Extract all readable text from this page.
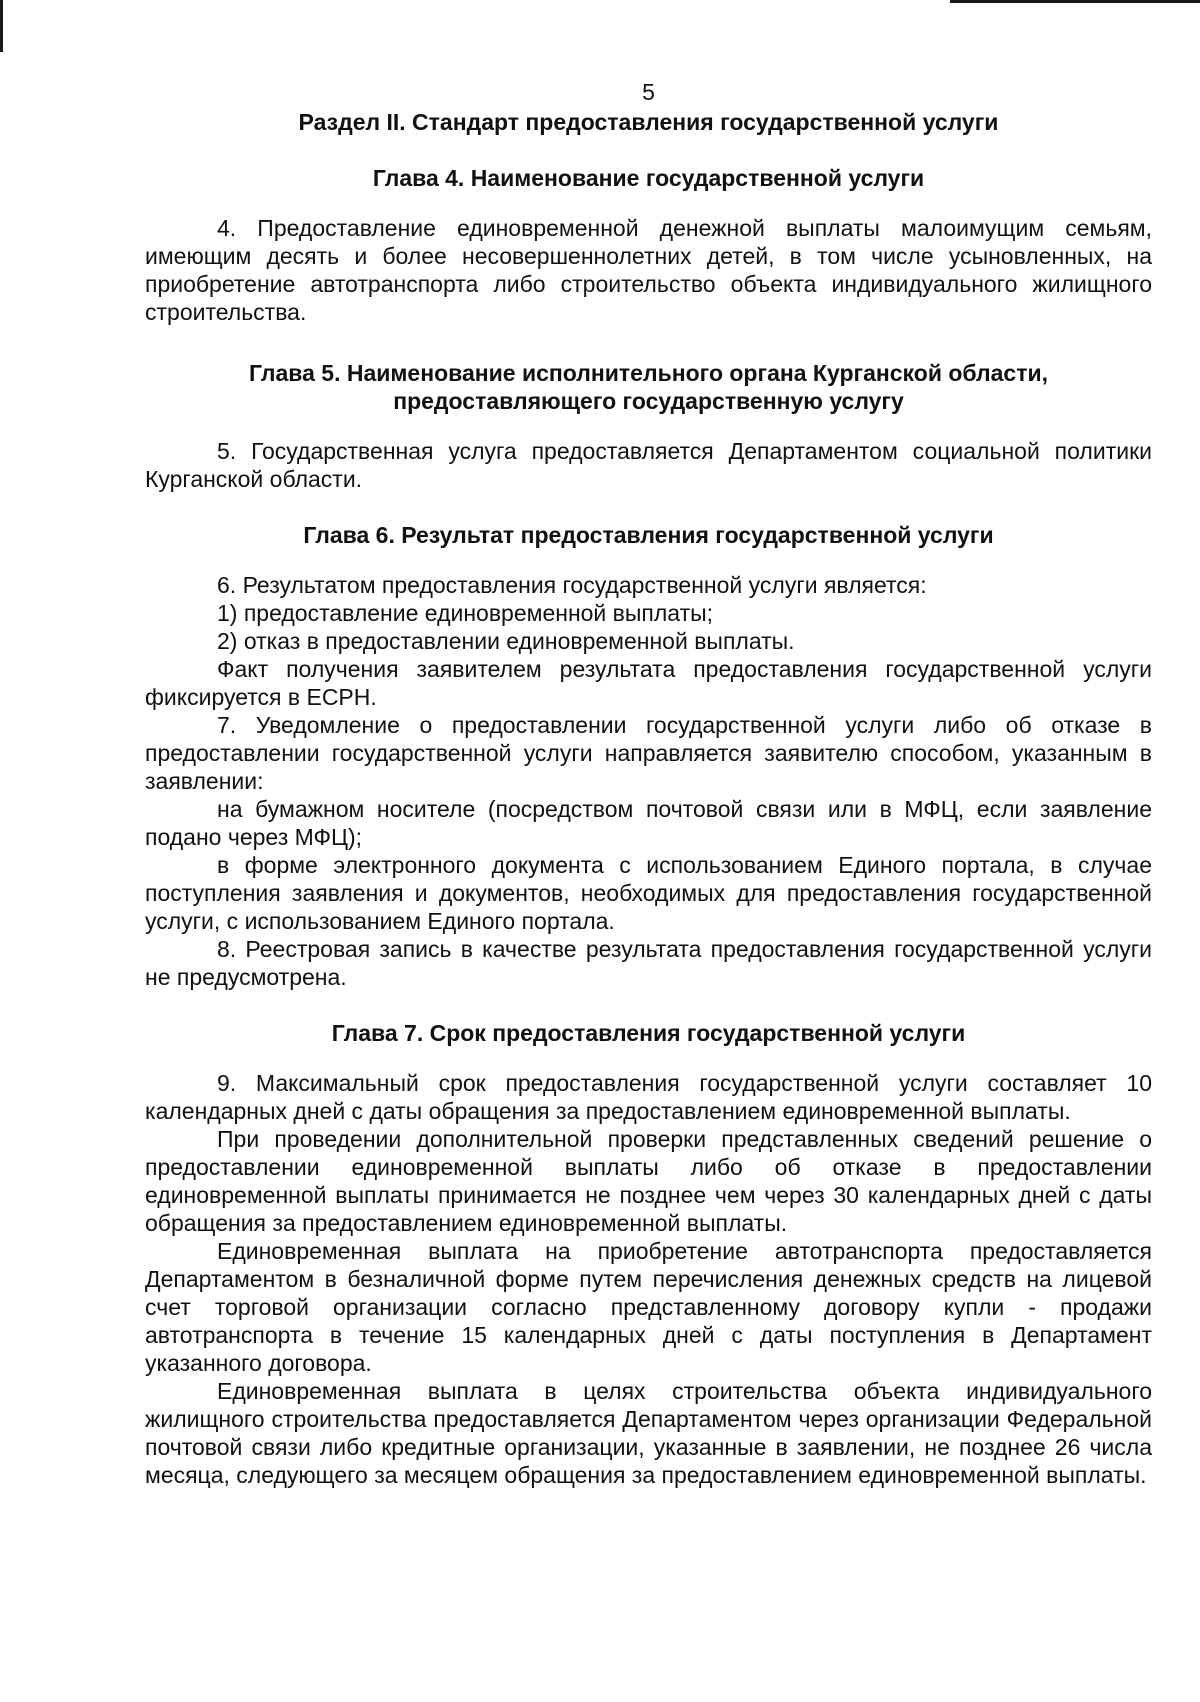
5

Раздел II. Стандарт предоставления государственной услуги
Глава 4. Наименование государственной услуги

4. Предоставление единовременной денежной выплаты малоимущим семьям, имеющим десять и более несовершеннолетних детей, в том числе усыновленных, на приобретение автотранспорта либо строительство объекта индивидуального жилищного строительства.

Глава 5. Наименование исполнительного органа Курганской области,
предоставляющего государственную услугу

5. Государственная услуга предоставляется Департаментом социальной политики Курганской области.

Глава 6. Результат предоставления государственной услуги

6. Результатом предоставления государственной услуги является:

1) предоставление единовременной выплаты;

2) отказ в предоставлении единовременной выплаты.

Факт получения заявителем результата предоставления государственной услуги фиксируется в ЕСРН.

7. Уведомление о предоставлении государственной услуги либо об отказе в предоставлении государственной услуги направляется заявителю способом, указанным в заявлении:

на бумажном носителе (посредством почтовой связи или в МФЦ, если заявление подано через МФЦ);

в форме электронного документа с использованием Единого портала, в случае поступления заявления и документов, необходимых для предоставления государственной услуги, с использованием Единого портала.

8. Реестровая запись в качестве результата предоставления государственной услуги не предусмотрена.

Глава 7. Срок предоставления государственной услуги

9. Максимальный срок предоставления государственной услуги составляет 10 календарных дней с даты обращения за предоставлением единовременной выплаты.

При проведении дополнительной проверки представленных сведений решение о предоставлении единовременной выплаты либо об отказе в предоставлении единовременной выплаты принимается не позднее чем через 30 календарных дней с даты обращения за предоставлением единовременной выплаты.

Единовременная выплата на приобретение автотранспорта предоставляется Департаментом в безналичной форме путем перечисления денежных средств на лицевой счет торговой организации согласно представленному договору купли - продажи автотранспорта в течение 15 календарных дней с даты поступления в Департамент указанного договора.

Единовременная выплата в целях строительства объекта индивидуального жилищного строительства предоставляется Департаментом через организации Федеральной почтовой связи либо кредитные организации, указанные в заявлении, не позднее 26 числа месяца, следующего за месяцем обращения за предоставлением единовременной выплаты.
